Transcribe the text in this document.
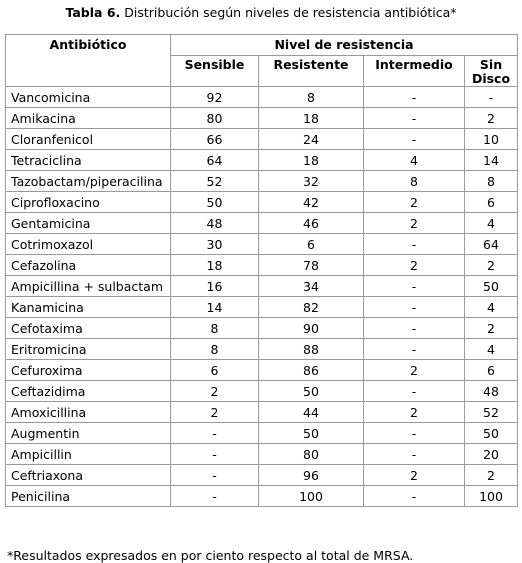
Tabla 6. Distribución según niveles de resistencia antibiótica*
Antibiótico	Nivel de resistencia			
	Sensible	Resistente	Intermedio	Sin Disco
Vancomicina	92	8	-	-
Amikacina	80	18	-	2
Cloranfenicol	66	24	-	10
Tetraciclina	64	18	4	14
Tazobactam/piperacilina	52	32	8	8
Ciprofloxacino	50	42	2	6
Gentamicina	48	46	2	4
Cotrimoxazol	30	6	-	64
Cefazolina	18	78	2	2
Ampicillina + sulbactam	16	34	-	50
Kanamicina	14	82	-	4
Cefotaxima	8	90	-	2
Eritromicina	8	88	-	4
Cefuroxima	6	86	2	6
Ceftazidima	2	50	-	48
Amoxicillina	2	44	2	52
Augmentin	-	50	-	50
Ampicillin	-	80	-	20
Ceftriaxona	-	96	2	2
Penicilina	-	100	-	100
*Resultados expresados en por ciento respecto al total de MRSA.
